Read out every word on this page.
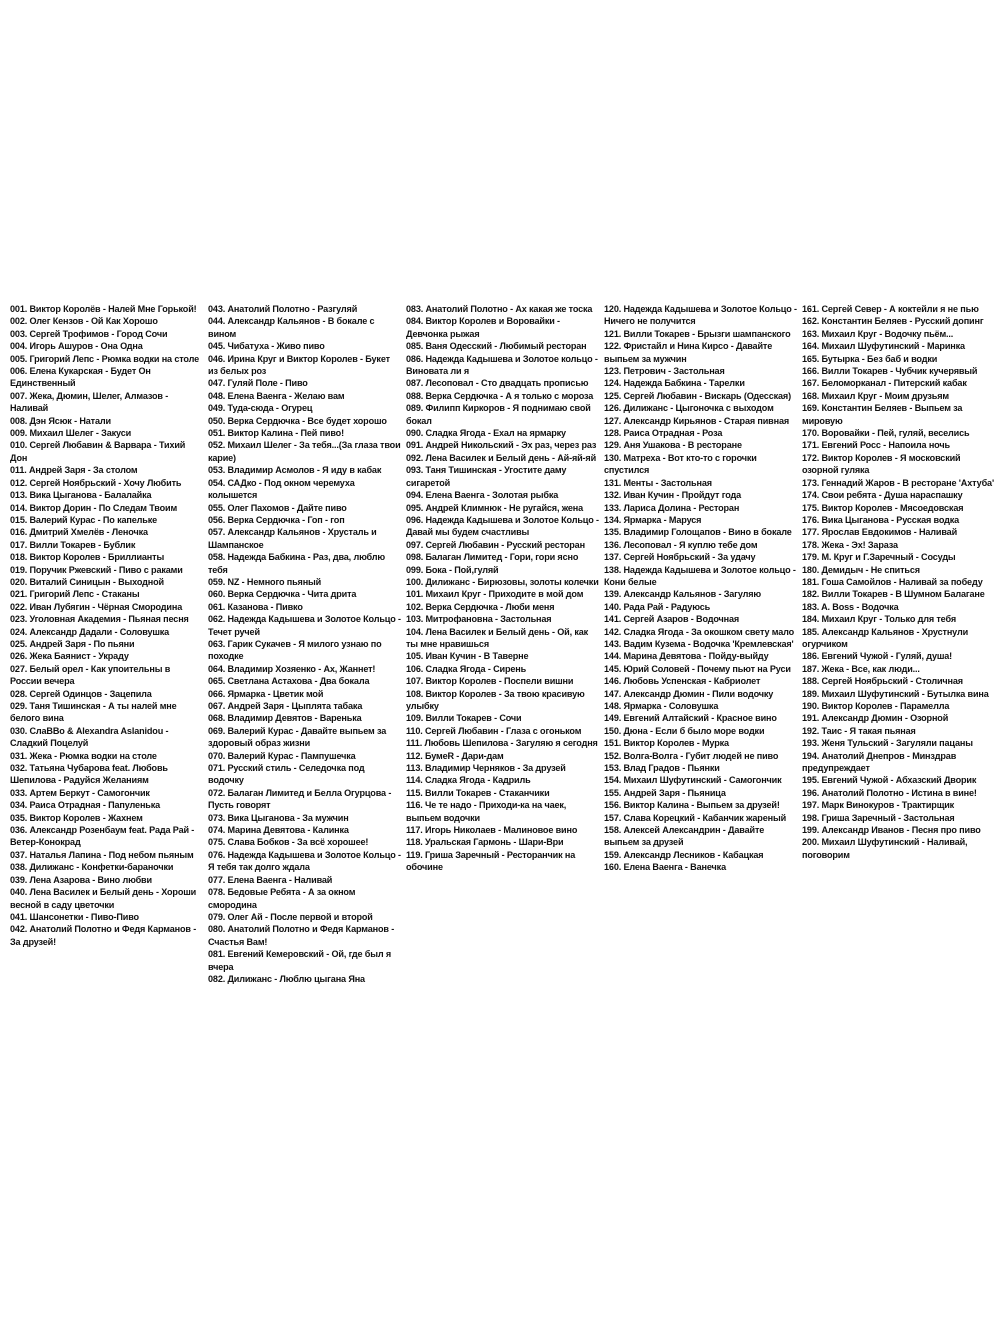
001. Виктор Королёв - Налей Мне Горькой!
002. Олег Кензов - Ой Как Хорошо
003. Сергей Трофимов - Город Сочи
004. Игорь Ашуров - Она Одна
005. Григорий Лепс - Рюмка водки на столе
006. Елена Кукарская - Будет Он Единственный
007. Жека, Дюмин, Шелег, Алмазов - Наливай
008. Дэн Ясюк - Натали
009. Михаил Шелег - Закуси
010. Сергей Любавин & Варвара - Тихий Дон
011. Андрей Заря - За столом
012. Сергей Ноябрьский - Хочу Любить
013. Вика Цыганова - Балалайка
014. Виктор Дорин - По Следам Твоим
015. Валерий Курас - По капельке
016. Дмитрий Хмелёв - Леночка
017. Вилли Токарев - Бублик
018. Виктор Королев - Бриллианты
019. Поручик Ржевский - Пиво с раками
020. Виталий Синицын - Выходной
021. Григорий Лепс - Стаканы
022. Иван Лубягин - Чёрная Смородина
023. Уголовная Академия - Пьяная песня
024. Александр Дадали - Соловушка
025. Андрей Заря - По пьяни
026. Жека Баянист - Украду
027. Белый орел - Как упоительны в России вечера
028. Сергей Одинцов - Зацепила
029. Таня Тишинская - А ты налей мне белого вина
030. СлаВВо & Alexandra Aslanidou - Сладкий Поцелуй
031. Жека - Рюмка водки на столе
032. Татьяна Чубарова feat. Любовь Шепилова - Радуйся Желаниям
033. Артем Беркут - Самогончик
034. Раиса Отрадная - Папуленька
035. Виктор Королев - Жахнем
036. Александр Розенбаум feat. Рада Рай - Ветер-Конокрад
037. Наталья Лапина - Под небом пьяным
038. Дилижанс - Конфетки-бараночки
039. Лена Азарова - Вино любви
040. Лена Василек и Белый день - Хороши весной в саду цветочки
041. Шансонетки - Пиво-Пиво
042. Анатолий Полотно и Федя Карманов - За друзей!
043. Анатолий Полотно - Разгуляй
044. Александр Кальянов - В бокале с вином
045. Чибатуха - Живо пиво
046. Ирина Круг и Виктор Королев - Букет из белых роз
047. Гуляй Поле - Пиво
048. Елена Ваенга - Желаю вам
049. Туда-сюда - Огурец
050. Верка Сердючка - Все будет хорошо
051. Виктор Калина - Пей пиво!
052. Михаил Шелег - За тебя...(За глаза твои карие)
053. Владимир Асмолов - Я иду в кабак
054. САДко - Под окном черемуха колышется
055. Олег Пахомов - Дайте пиво
056. Верка Сердючка - Гоп - гоп
057. Александр Кальянов - Хрусталь и Шампанское
058. Надежда Бабкина - Раз, два, люблю тебя
059. NZ - Немного пьяный
060. Верка Сердючка - Чита дрита
061. Казанова - Пивко
062. Надежда Кадышева и Золотое Кольцо - Течет ручей
063. Гарик Сукачев - Я милого узнаю по походке
064. Владимир Хозяенко - Ах, Жаннет!
065. Светлана Астахова - Два бокала
066. Ярмарка - Цветик мой
067. Андрей Заря - Цыплята табака
068. Владимир Девятов - Варенька
069. Валерий Курас - Давайте выпьем за здоровый образ жизни
070. Валерий Курас - Пампушечка
071. Русский стиль - Селедочка под водочку
072. Балаган Лимитед и Белла Огурцова - Пусть говорят
073. Вика Цыганова - За мужчин
074. Марина Девятова - Калинка
075. Слава Бобков - За всё хорошее!
076. Надежда Кадышева и Золотое Кольцо - Я тебя так долго ждала
077. Елена Ваенга - Наливай
078. Бедовые Ребята - А за окном смородина
079. Олег Ай - После первой и второй
080. Анатолий Полотно и Федя Карманов - Счастья Вам!
081. Евгений Кемеровский - Ой, где был я вчера
082. Дилижанс - Люблю цыгана Яна
083. Анатолий Полотно - Ах какая же тоска
084. Виктор Королев и Воровайки - Девчонка рыжая
085. Ваня Одесский - Любимый ресторан
086. Надежда Кадышева и Золотое кольцо - Виновата ли я
087. Лесоповал - Сто двадцать прописью
088. Верка Сердючка - А я только с мороза
089. Филипп Киркоров - Я поднимаю свой бокал
090. Сладка Ягода - Ехал на ярмарку
091. Андрей Никольский - Эх раз, через раз
092. Лена Василек и Белый день - Ай-яй-яй
093. Таня Тишинская - Угостите даму сигаретой
094. Елена Ваенга - Золотая рыбка
095. Андрей Климнюк - Не ругайся, жена
096. Надежда Кадышева и Золотое Кольцо - Давай мы будем счастливы
097. Сергей Любавин - Русский ресторан
098. Балаган Лимитед - Гори, гори ясно
099. Бока - Пой,гуляй
100. Дилижанс - Бирюзовы, золоты колечки
101. Михаил Круг - Приходите в мой дом
102. Верка Сердючка - Люби меня
103. Митрофановна - Застольная
104. Лена Василек и Белый день - Ой, как ты мне нравишься
105. Иван Кучин - В Таверне
106. Сладка Ягода - Сирень
107. Виктор Королев - Поспели вишни
108. Виктор Королев - За твою красивую улыбку
109. Вилли Токарев - Сочи
110. Сергей Любавин - Глаза с огоньком
111. Любовь Шепилова - Загуляю я сегодня
112. БумеR - Дари-дам
113. Владимир Черняков - За друзей
114. Сладка Ягода - Кадриль
115. Вилли Токарев - Стаканчики
116. Че те надо - Приходи-ка на чаек, выпьем водочки
117. Игорь Николаев - Малиновое вино
118. Уральская Гармонь - Шари-Ври
119. Гриша Заречный - Ресторанчик на обочине
120. Надежда Кадышева и Золотое Кольцо - Ничего не получится
121. Вилли Токарев - Брызги шампанского
122. Фристайл и Нина Кирсо - Давайте выпьем за мужчин
123. Петрович - Застольная
124. Надежда Бабкина - Тарелки
125. Сергей Любавин - Вискарь (Одесская)
126. Дилижанс - Цыгоночка с выходом
127. Александр Кирьянов - Старая пивная
128. Раиса Отрадная - Роза
129. Аня Ушакова - В ресторане
130. Матреха - Вот кто-то с горочки спустился
131. Менты - Застольная
132. Иван Кучин - Пройдут года
133. Лариса Долина - Ресторан
134. Ярмарка - Маруся
135. Владимир Голощапов - Вино в бокале
136. Лесоповал - Я куплю тебе дом
137. Сергей Ноябрьский - За удачу
138. Надежда Кадышева и Золотое кольцо - Кони белые
139. Александр Кальянов - Загуляю
140. Рада Рай - Радуюсь
141. Сергей Азаров - Водочная
142. Сладка Ягода - За окошком свету мало
143. Вадим Кузема - Водочка 'Кремлевская'
144. Марина Девятова - Пойду-выйду
145. Юрий Соловей - Почему пьют на Руси
146. Любовь Успенская - Кабриолет
147. Александр Дюмин - Пили водочку
148. Ярмарка - Соловушка
149. Евгений Алтайский - Красное вино
150. Дюна - Если б было море водки
151. Виктор Королев - Мурка
152. Волга-Волга - Губит людей не пиво
153. Влад Градов - Пьянки
154. Михаил Шуфутинский - Самогончик
155. Андрей Заря - Пьяница
156. Виктор Калина - Выпьем за друзей!
157. Слава Корецкий - Кабанчик жареный
158. Алексей Александрин - Давайте выпьем за друзей
159. Александр Лесников - Кабацкая
160. Елена Ваенга - Ванечка
161. Сергей Север - А коктейли я не пью
162. Константин Беляев - Русский допинг
163. Михаил Круг - Водочку пьём...
164. Михаил Шуфутинский - Маринка
165. Бутырка - Без баб и водки
166. Вилли Токарев - Чубчик кучерявый
167. Беломорканал - Питерский кабак
168. Михаил Круг - Моим друзьям
169. Константин Беляев - Выпьем за мировую
170. Воровайки - Пей, гуляй, веселись
171. Евгений Росс - Напоила ночь
172. Виктор Королев - Я московский озорной гуляка
173. Геннадий Жаров - В ресторане 'Ахтуба'
174. Свои ребята - Душа нараспашку
175. Виктор Королев - Мясоедовская
176. Вика Цыганова - Русская водка
177. Ярослав Евдокимов - Наливай
178. Жека - Эх! Зараза
179. М. Круг и Г.Заречный - Сосуды
180. Демидыч - Не спиться
181. Гоша Самойлов - Наливай за победу
182. Вилли Токарев - В Шумном Балагане
183. A. Boss - Водочка
184. Михаил Круг - Только для тебя
185. Александр Кальянов - Хрустнули огурчиком
186. Евгений Чужой - Гуляй, душа!
187. Жека - Все, как люди...
188. Сергей Ноябрьский - Столичная
189. Михаил Шуфутинский - Бутылка вина
190. Виктор Королев - Парамелла
191. Александр Дюмин - Озорной
192. Таис - Я такая пьяная
193. Женя Тульский - Загуляли пацаны
194. Анатолий Днепров - Минздрав предупреждает
195. Евгений Чужой - Абхазский Дворик
196. Анатолий Полотно - Истина в вине!
197. Марк Винокуров - Трактирщик
198. Гриша Заречный - Застольная
199. Александр Иванов - Песня про пиво
200. Михаил Шуфутинский - Наливай, поговорим
